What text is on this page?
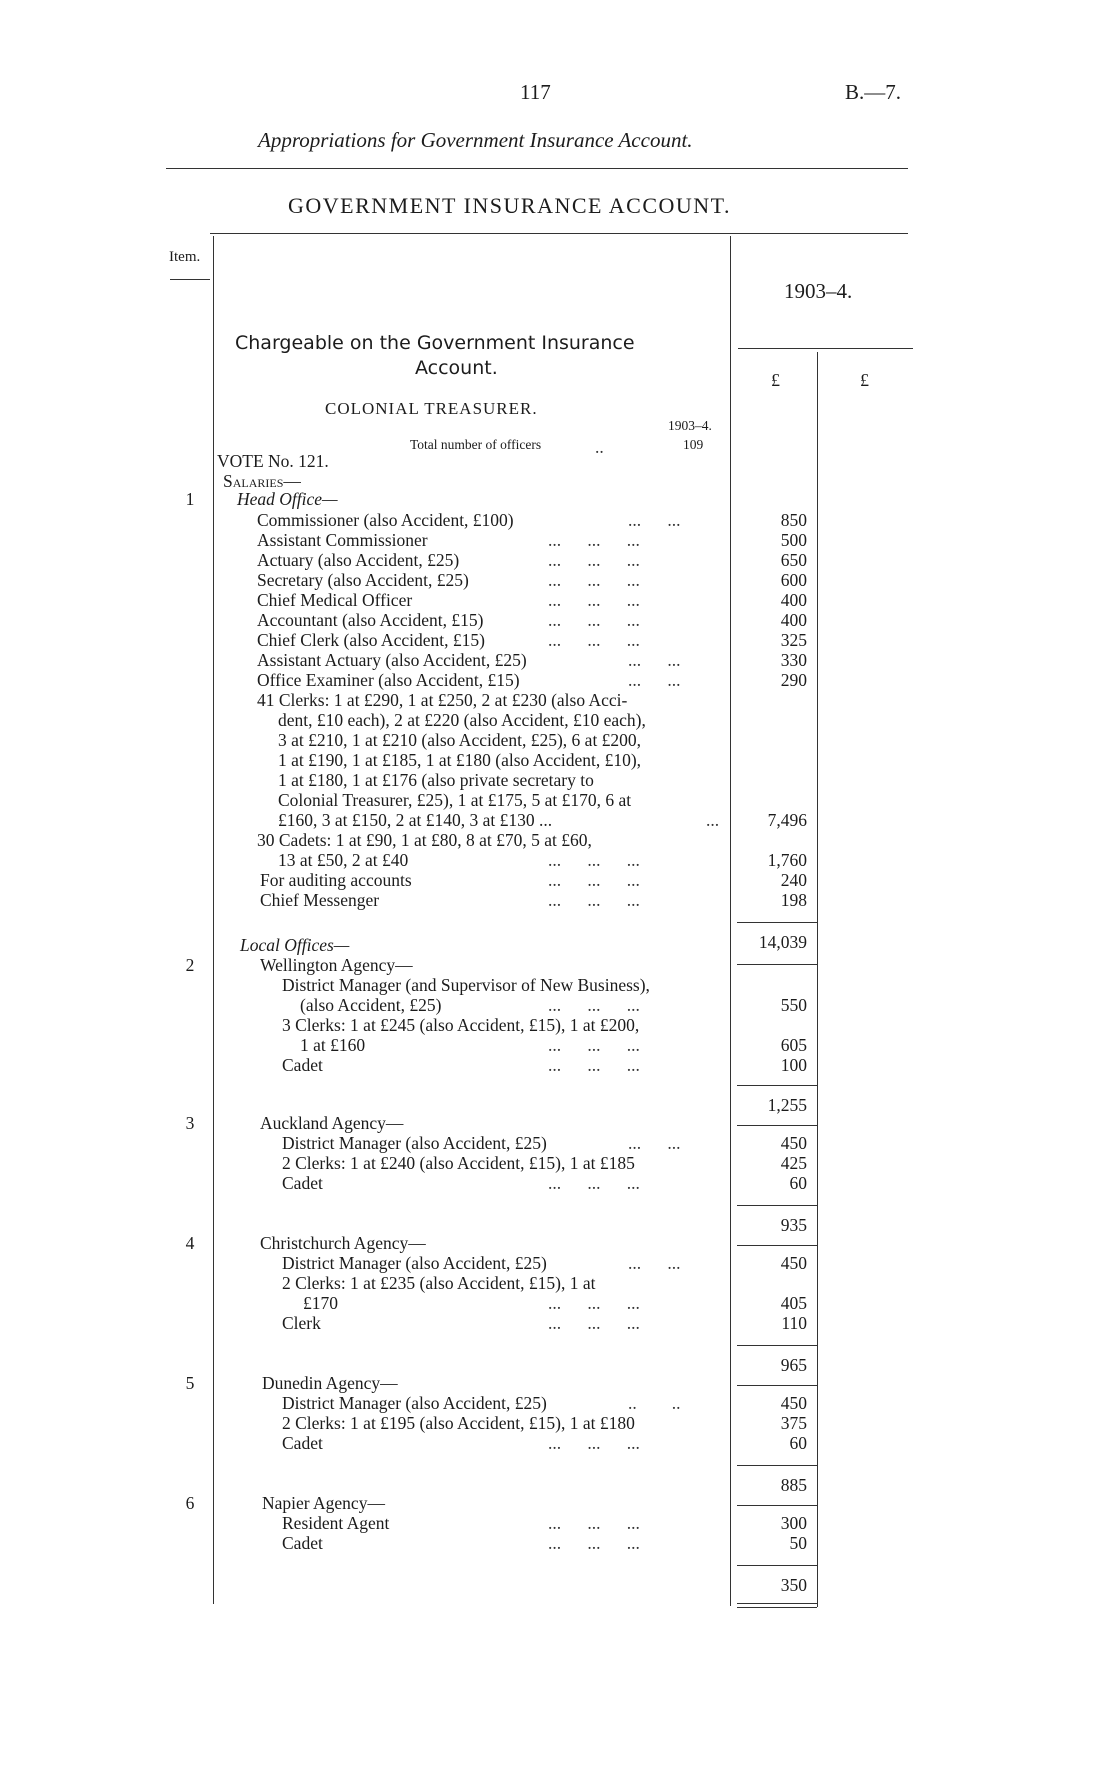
117	B.—7.
Appropriations for Government Insurance Account.
GOVERNMENT INSURANCE ACCOUNT.
Item.
1903–4.
£	£
Chargeable on the Government Insurance
Account.
COLONIAL TREASURER.
1903–4.
Total number of officers	..	109
VOTE No. 121.
Salaries—
1	Head Office—
Commissioner (also Accident, £100)	...      ...	850
Assistant Commissioner	...      ...      ...	500
Actuary (also Accident, £25)	...      ...      ...	650
Secretary (also Accident, £25)	...      ...      ...	600
Chief Medical Officer	...      ...      ...	400
Accountant (also Accident, £15)	...      ...      ...	400
Chief Clerk (also Accident, £15)	...      ...      ...	325
Assistant Actuary (also Accident, £25)	...      ...	330
Office Examiner (also Accident, £15)	...      ...	290
41 Clerks: 1 at £290, 1 at £250, 2 at £230 (also Acci-
dent, £10 each), 2 at £220 (also Accident, £10 each),
3 at £210, 1 at £210 (also Accident, £25), 6 at £200,
1 at £190, 1 at £185, 1 at £180 (also Accident, £10),
1 at £180, 1 at £176 (also private secretary to
Colonial Treasurer, £25), 1 at £175, 5 at £170, 6 at
£160, 3 at £150, 2 at £140, 3 at £130 ...	...	7,496
30 Cadets: 1 at £90, 1 at £80, 8 at £70, 5 at £60,
13 at £50, 2 at £40	...      ...      ...	1,760
For auditing accounts	...      ...      ...	240
Chief Messenger	...      ...      ...	198
14,039
Local Offices—
2	Wellington Agency—
District Manager (and Supervisor of New Business),
(also Accident, £25)	...      ...      ...	550
3 Clerks: 1 at £245 (also Accident, £15), 1 at £200,
1 at £160	...      ...      ...	605
Cadet	...      ...      ...	100
1,255
3	Auckland Agency—
District Manager (also Accident, £25)	...      ...	450
2 Clerks: 1 at £240 (also Accident, £15), 1 at £185	425
Cadet	...      ...      ...	60
935
4	Christchurch Agency—
District Manager (also Accident, £25)	...      ...	450
2 Clerks: 1 at £235 (also Accident, £15), 1 at
£170	...      ...      ...	405
Clerk	...      ...      ...	110
965
5	Dunedin Agency—
District Manager (also Accident, £25)	..        ..	450
2 Clerks: 1 at £195 (also Accident, £15), 1 at £180	375
Cadet	...      ...      ...	60
885
6	Napier Agency—
Resident Agent	...      ...      ...	300
Cadet	...      ...      ...	50
350
